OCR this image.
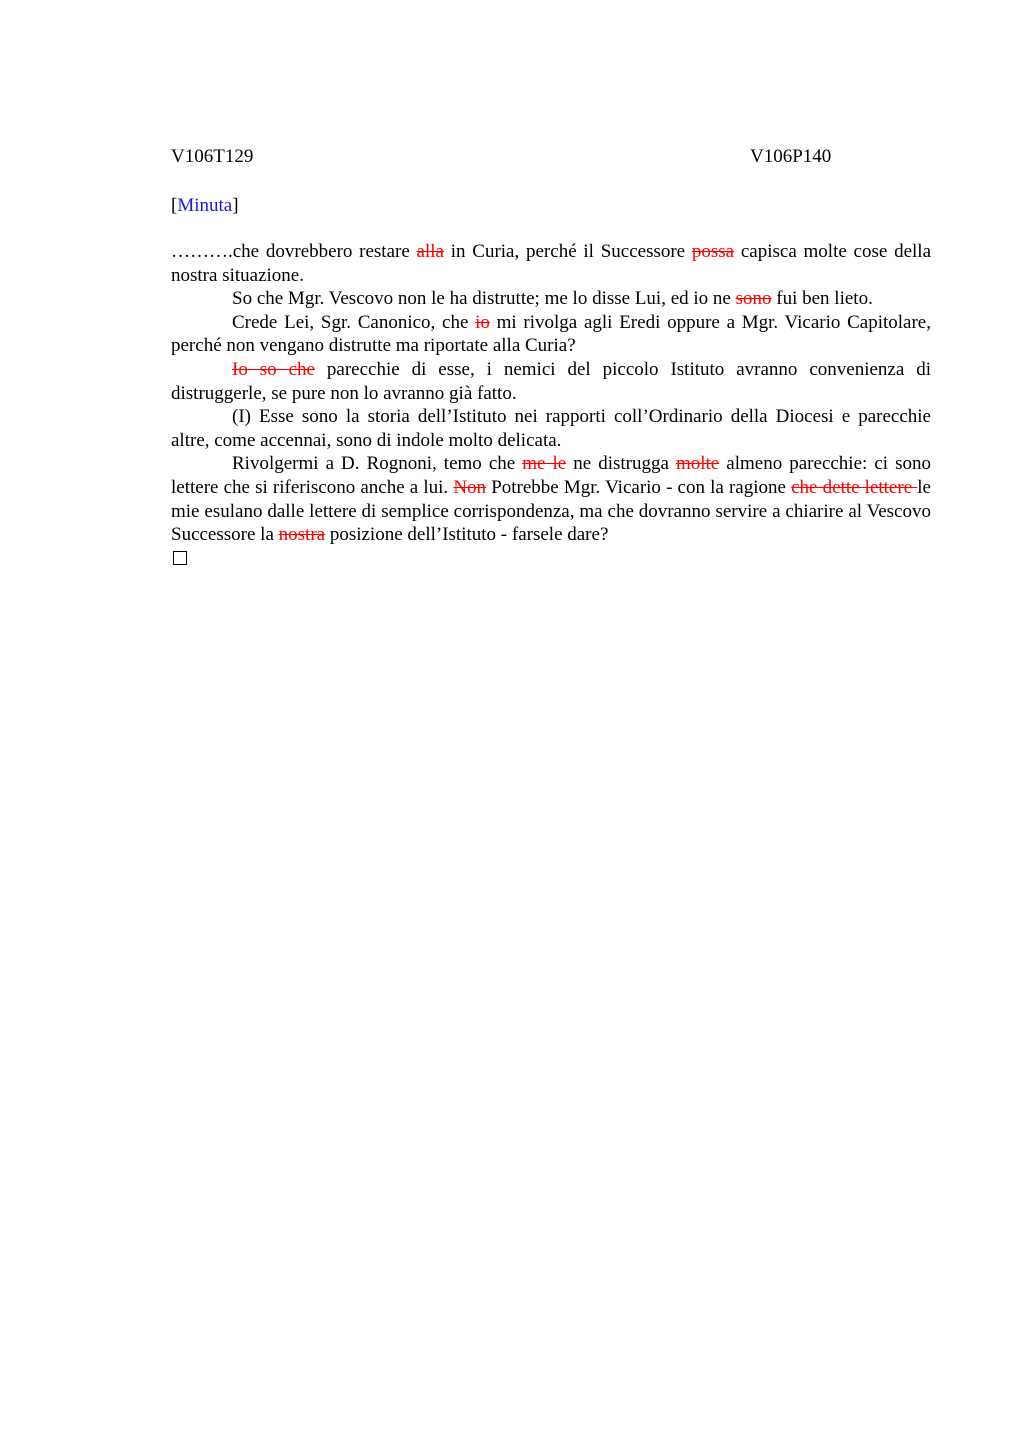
V106T129	V106P140
[Minuta]

……….che dovrebbero restare alla in Curia, perché il Successore possa capisca molte cose della nostra situazione.

So che Mgr. Vescovo non le ha distrutte; me lo disse Lui, ed io ne sono fui ben lieto.

Crede Lei, Sgr. Canonico, che io mi rivolga agli Eredi oppure a Mgr. Vicario Capitolare, perché non vengano distrutte ma riportate alla Curia?

Io so che parecchie di esse, i nemici del piccolo Istituto avranno convenienza di distruggerle, se pure non lo avranno già fatto.

(I) Esse sono la storia dell’Istituto nei rapporti coll’Ordinario della Diocesi e parecchie altre, come accennai, sono di indole molto delicata.

Rivolgermi a D. Rognoni, temo che me le ne distrugga molte almeno parecchie: ci sono lettere che si riferiscono anche a lui. Non Potrebbe Mgr. Vicario - con la ragione che dette lettere le mie esulano dalle lettere di semplice corrispondenza, ma che dovranno servire a chiarire al Vescovo Successore la nostra posizione dell’Istituto - farsele dare?
